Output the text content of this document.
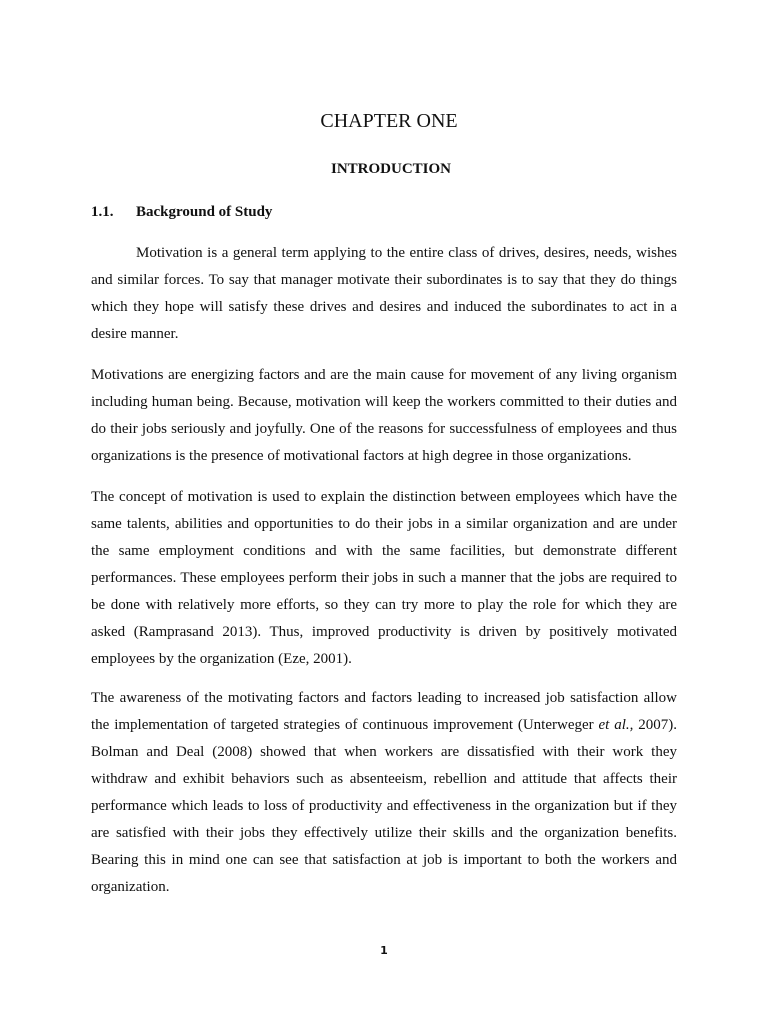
CHAPTER ONE
INTRODUCTION
1.1. Background of Study

Motivation is a general term applying to the entire class of drives, desires, needs, wishes and similar forces. To say that manager motivate their subordinates is to say that they do things which they hope will satisfy these drives and desires and induced the subordinates to act in a desire manner.

Motivations are energizing factors and are the main cause for movement of any living organism including human being. Because, motivation will keep the workers committed to their duties and do their jobs seriously and joyfully. One of the reasons for successfulness of employees and thus organizations is the presence of motivational factors at high degree in those organizations.

The concept of motivation is used to explain the distinction between employees which have the same talents, abilities and opportunities to do their jobs in a similar organization and are under the same employment conditions and with the same facilities, but demonstrate different performances. These employees perform their jobs in such a manner that the jobs are required to be done with relatively more efforts, so they can try more to play the role for which they are asked (Ramprasand 2013). Thus, improved productivity is driven by positively motivated employees by the organization (Eze, 2001).

The awareness of the motivating factors and factors leading to increased job satisfaction allow the implementation of targeted strategies of continuous improvement (Unterweger et al., 2007). Bolman and Deal (2008) showed that when workers are dissatisfied with their work they withdraw and exhibit behaviors such as absenteeism, rebellion and attitude that affects their performance which leads to loss of productivity and effectiveness in the organization but if they are satisfied with their jobs they effectively utilize their skills and the organization benefits. Bearing this in mind one can see that satisfaction at job is important to both the workers and organization.

1
